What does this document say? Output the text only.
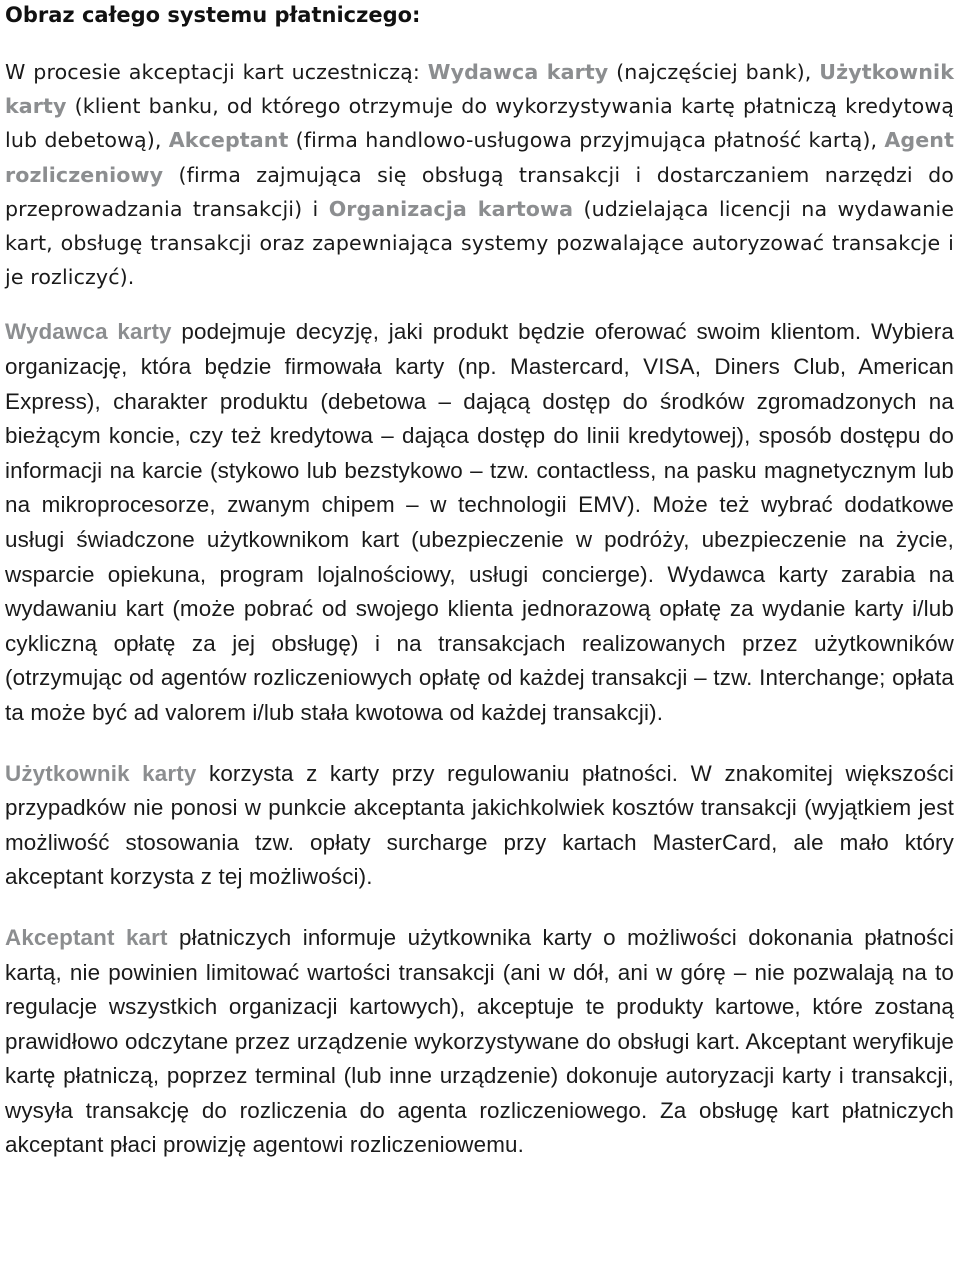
Obraz całego systemu płatniczego:

W procesie akceptacji kart uczestniczą: Wydawca karty (najczęściej bank), Użytkownik karty (klient banku, od którego otrzymuje do wykorzystywania kartę płatniczą kredytową lub debetową), Akceptant (firma handlowo-usługowa przyjmująca płatność kartą), Agent rozliczeniowy (firma zajmująca się obsługą transakcji i dostarczaniem narzędzi do przeprowadzania transakcji) i Organizacja kartowa (udzielająca licencji na wydawanie kart, obsługę transakcji oraz zapewniająca systemy pozwalające autoryzować transakcje i je rozliczyć).

Wydawca karty podejmuje decyzję, jaki produkt będzie oferować swoim klientom. Wybiera organizację, która będzie firmowała karty (np. Mastercard, VISA, Diners Club, American Express), charakter produktu (debetowa – dającą dostęp do środków zgromadzonych na bieżącym koncie, czy też kredytowa – dająca dostęp do linii kredytowej), sposób dostępu do informacji na karcie (stykowo lub bezstykowo – tzw. contactless, na pasku magnetycznym lub na mikroprocesorze, zwanym chipem – w technologii EMV). Może też wybrać dodatkowe usługi świadczone użytkownikom kart (ubezpieczenie w podróży, ubezpieczenie na życie, wsparcie opiekuna, program lojalnościowy, usługi concierge). Wydawca karty zarabia na wydawaniu kart (może pobrać od swojego klienta jednorazową opłatę za wydanie karty i/lub cykliczną opłatę za jej obsługę) i na transakcjach realizowanych przez użytkowników (otrzymując od agentów rozliczeniowych opłatę od każdej transakcji – tzw. Interchange; opłata ta może być ad valorem i/lub stała kwotowa od każdej transakcji).

Użytkownik karty korzysta z karty przy regulowaniu płatności. W znakomitej większości przypadków nie ponosi w punkcie akceptanta jakichkolwiek kosztów transakcji (wyjątkiem jest możliwość stosowania tzw. opłaty surcharge przy kartach MasterCard, ale mało który akceptant korzysta z tej możliwości).

Akceptant kart płatniczych informuje użytkownika karty o możliwości dokonania płatności kartą, nie powinien limitować wartości transakcji (ani w dół, ani w górę – nie pozwalają na to regulacje wszystkich organizacji kartowych), akceptuje te produkty kartowe, które zostaną prawidłowo odczytane przez urządzenie wykorzystywane do obsługi kart. Akceptant weryfikuje kartę płatniczą, poprzez terminal (lub inne urządzenie) dokonuje autoryzacji karty i transakcji, wysyła transakcję do rozliczenia do agenta rozliczeniowego. Za obsługę kart płatniczych akceptant płaci prowizję agentowi rozliczeniowemu.
